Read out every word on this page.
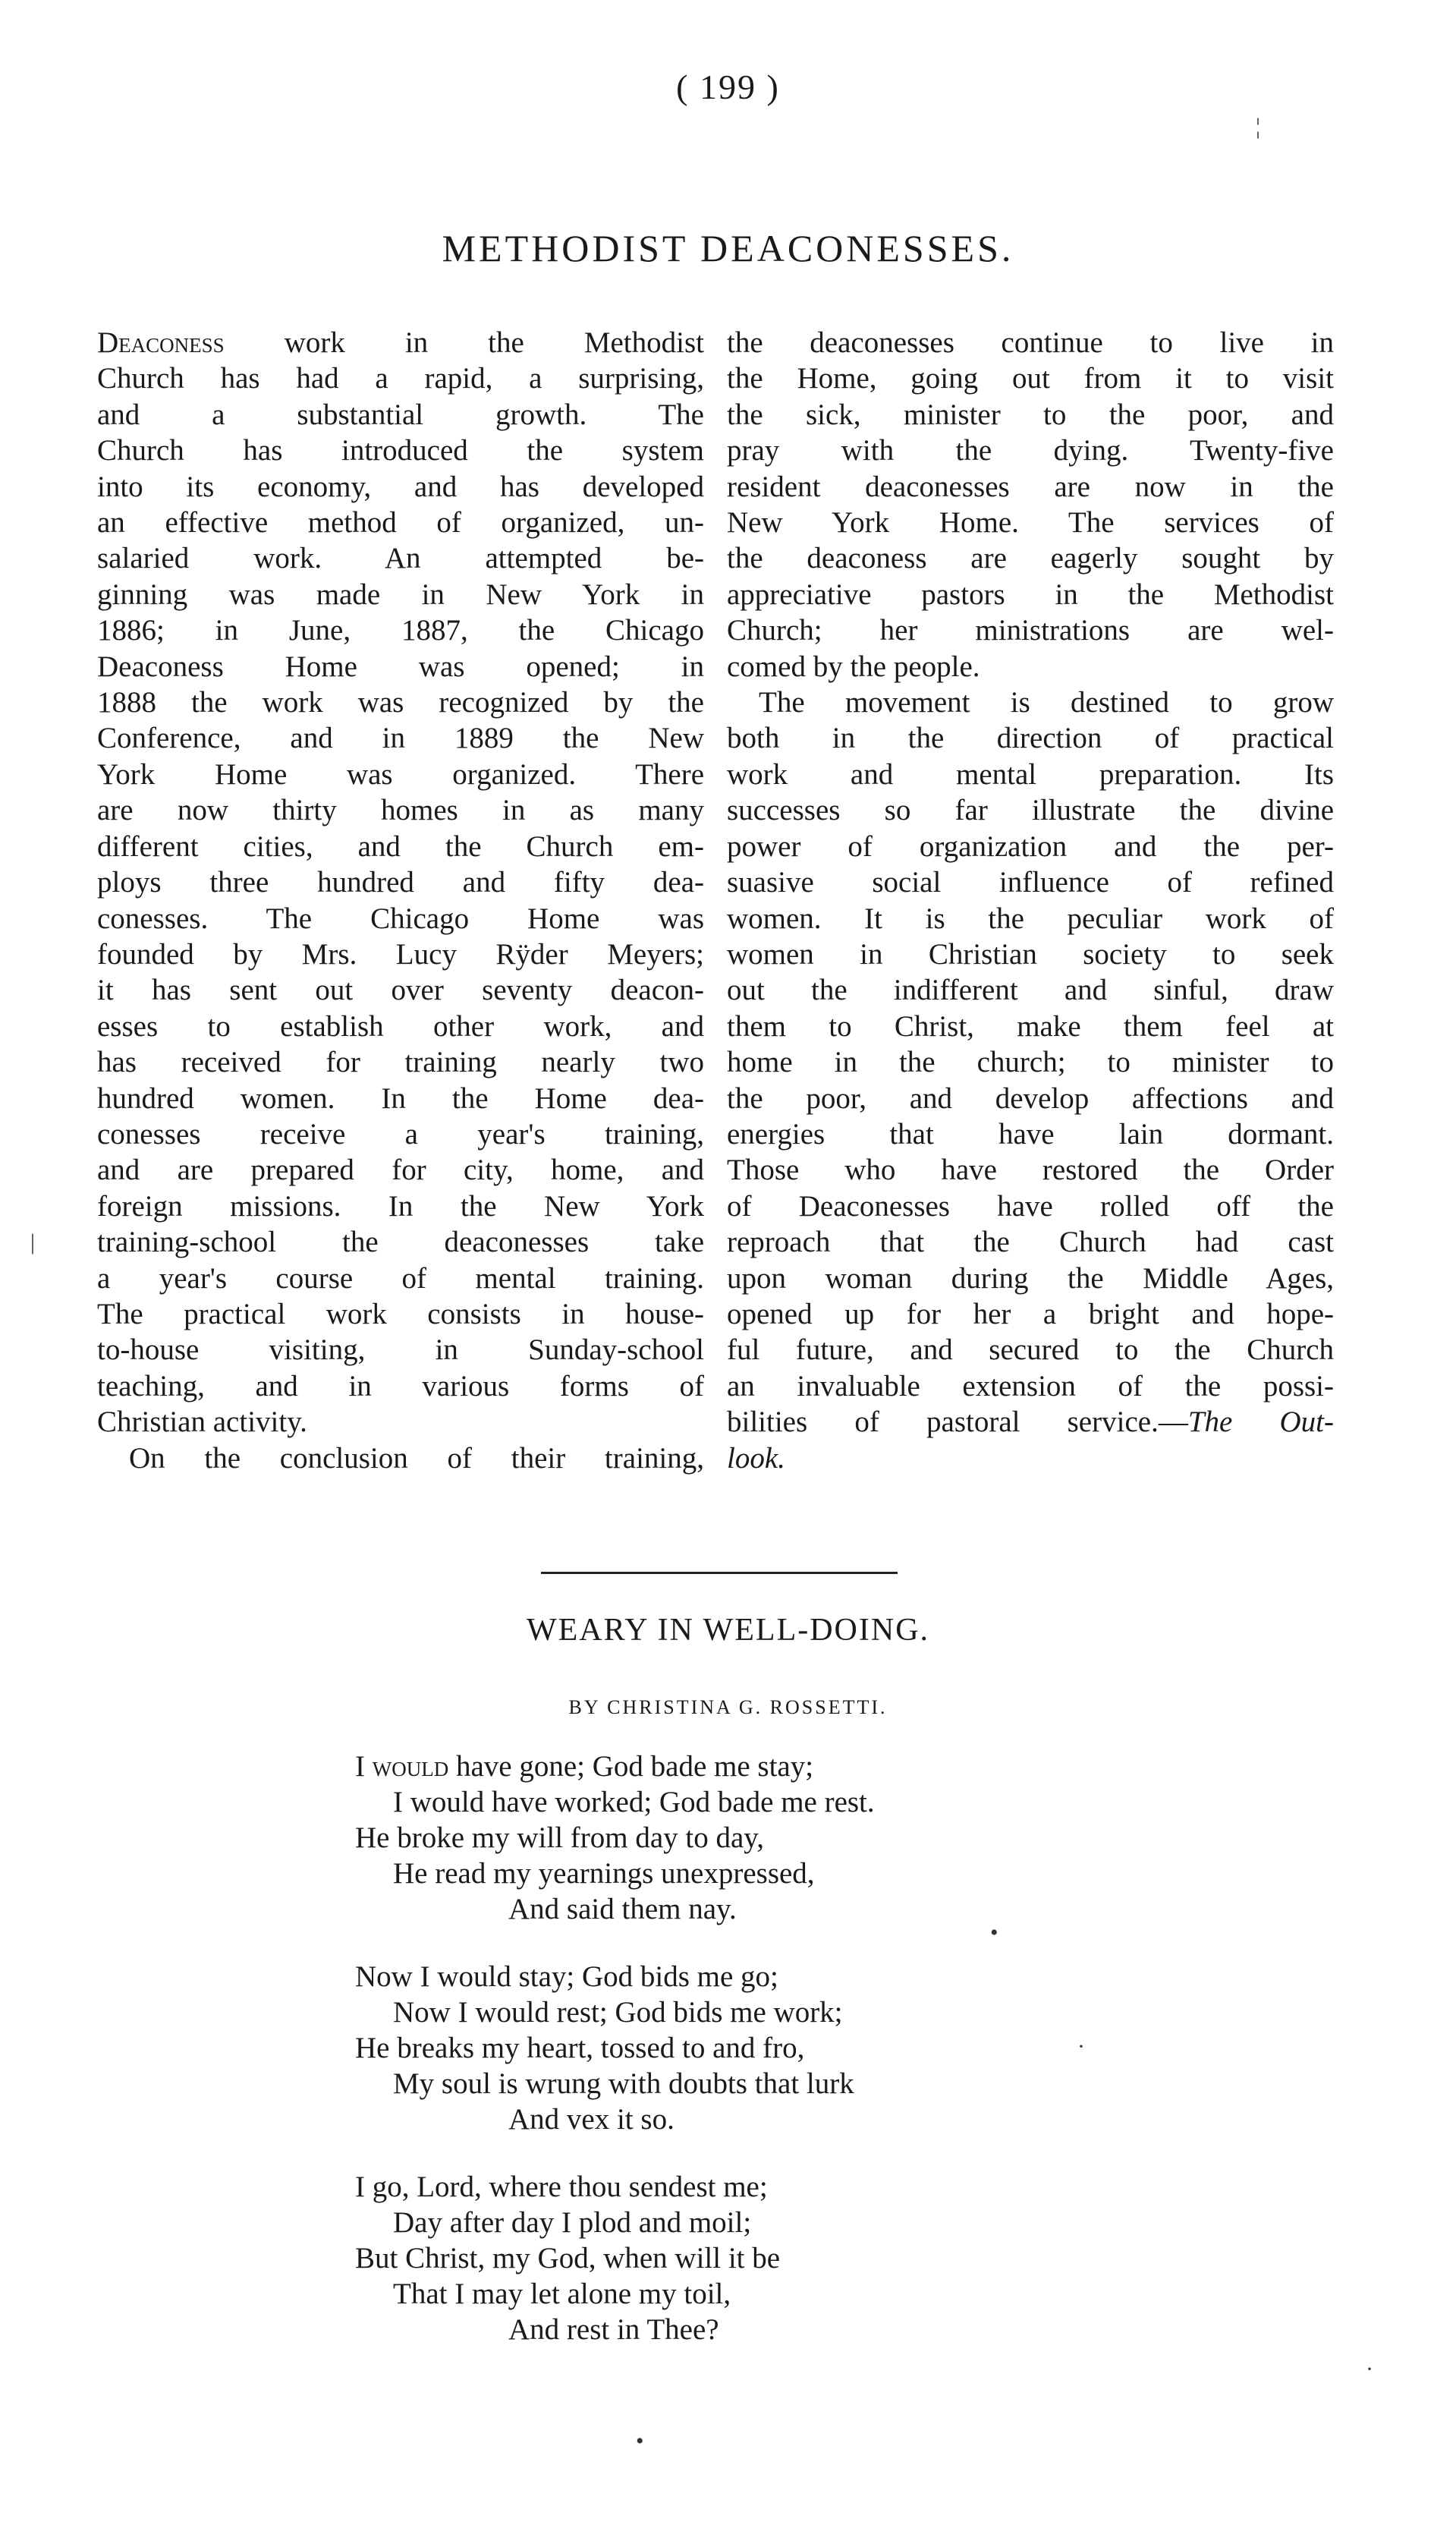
( 199 )
¦
METHODIST DEACONESSES.
Deaconess work in the Methodist
Church has had a rapid, a surprising,
and a substantial growth. The
Church has introduced the system
into its economy, and has developed
an effective method of organized, un-
salaried work. An attempted be-
ginning was made in New York in
1886; in June, 1887, the Chicago
Deaconess Home was opened; in
1888 the work was recognized by the
Conference, and in 1889 the New
York Home was organized. There
are now thirty homes in as many
different cities, and the Church em-
ploys three hundred and fifty dea-
conesses. The Chicago Home was
founded by Mrs. Lucy Rÿder Meyers;
it has sent out over seventy deacon-
esses to establish other work, and
has received for training nearly two
hundred women. In the Home dea-
conesses receive a year's training,
and are prepared for city, home, and
foreign missions. In the New York
training-school the deaconesses take
a year's course of mental training.
The practical work consists in house-
to-house visiting, in Sunday-school
teaching, and in various forms of
Christian activity.
On the conclusion of their training,
the deaconesses continue to live in
the Home, going out from it to visit
the sick, minister to the poor, and
pray with the dying. Twenty-five
resident deaconesses are now in the
New York Home. The services of
the deaconess are eagerly sought by
appreciative pastors in the Methodist
Church; her ministrations are wel-
comed by the people.
The movement is destined to grow
both in the direction of practical
work and mental preparation. Its
successes so far illustrate the divine
power of organization and the per-
suasive social influence of refined
women. It is the peculiar work of
women in Christian society to seek
out the indifferent and sinful, draw
them to Christ, make them feel at
home in the church; to minister to
the poor, and develop affections and
energies that have lain dormant.
Those who have restored the Order
of Deaconesses have rolled off the
reproach that the Church had cast
upon woman during the Middle Ages,
opened up for her a bright and hope-
ful future, and secured to the Church
an invaluable extension of the possi-
bilities of pastoral service.—The Out-
look.
|
WEARY IN WELL-DOING.
BY CHRISTINA G. ROSSETTI.
I would have gone; God bade me stay;
I would have worked; God bade me rest.
He broke my will from day to day,
He read my yearnings unexpressed,
And said them nay.
Now I would stay; God bids me go;
Now I would rest; God bids me work;
He breaks my heart, tossed to and fro,
My soul is wrung with doubts that lurk
And vex it so.
I go, Lord, where thou sendest me;
Day after day I plod and moil;
But Christ, my God, when will it be
That I may let alone my toil,
And rest in Thee?
•
·
·
•
